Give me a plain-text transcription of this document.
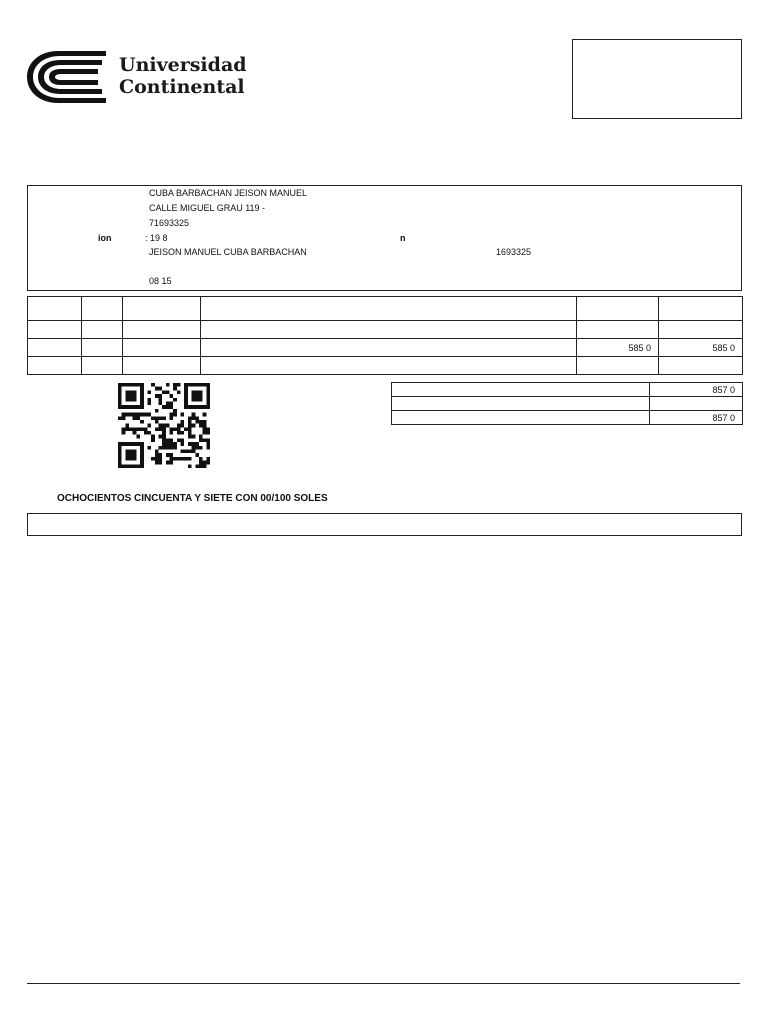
Universidad
Continental
CUBA BARBACHAN JEISON MANUEL
CALLE MIGUEL GRAU 119 -
71693325
ion	: 19 8	n
JEISON MANUEL CUBA BARBACHAN	1693325
08 15

				585 0	585 0

	857 0

	857 0
OCHOCIENTOS CINCUENTA Y SIETE CON 00/100 SOLES
